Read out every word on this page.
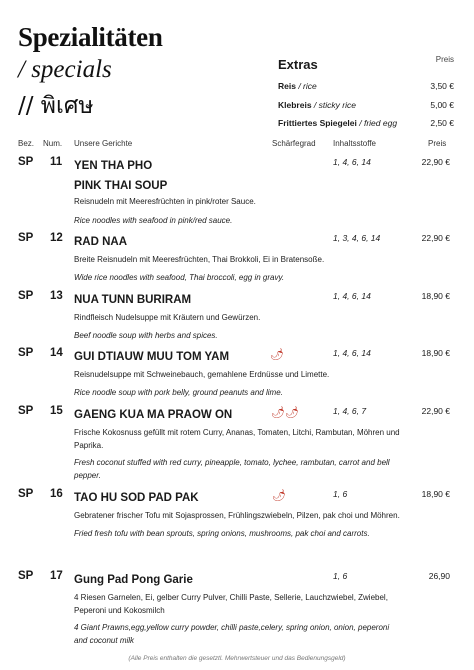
Spezialitäten
/ specials
// พิเศษ
Extras	Preis
Reis / rice	3,50 €
Klebreis / sticky rice	5,00 €
Frittiertes Spiegelei / fried egg	2,50 €
Bez. Num. Unsere Gerichte	Schärfegrad Inhaltsstoffe	Preis
SP 11 YEN THA PHO
PINK THAI SOUP
1, 4, 6, 14	22,90 €
Reisnudeln mit Meeresfrüchten in pink/roter Sauce.
Rice noodles with seafood in pink/red sauce.
SP 12 RAD NAA	1, 3, 4, 6, 14	22,90 €
Breite Reisnudeln mit Meeresfrüchten, Thai Brokkoli, Ei in Bratensoße.
Wide rice noodles with seafood, Thai broccoli, egg in gravy.
SP 13 NUA TUNN BURIRAM	1, 4, 6, 14	18,90 €
Rindfleisch Nudelsuppe mit Kräutern und Gewürzen.
Beef noodle soup with herbs and spices.
SP 14 GUI DTIAUW MUU TOM YAM	🌶	1, 4, 6, 14	18,90 €
Reisnudelsuppe mit Schweinebauch, gemahlene Erdnüsse und Limette.
Rice noodle soup with pork belly, ground peanuts and lime.
SP 15 GAENG KUA MA PRAOW ON	🌶🌶	1, 4, 6, 7	22,90 €
Frische Kokosnuss gefüllt mit rotem Curry, Ananas, Tomaten, Litchi, Rambutan, Möhren und Paprika.
Fresh coconut stuffed with red curry, pineapple, tomato, lychee, rambutan, carrot and bell pepper.
SP 16 TAO HU SOD PAD PAK	🌶	1, 6	18,90 €
Gebratener frischer Tofu mit Sojasprossen, Frühlingszwiebeln, Pilzen, pak choi und Möhren.
Fried fresh tofu with bean sprouts, spring onions, mushrooms, pak choi and carrots.
SP 17 Gung Pad Pong Garie	1, 6	26,90
4 Riesen Garnelen, Ei, gelber Curry Pulver, Chilli Paste, Sellerie, Lauchzwiebel, Zwiebel, Peperoni und Kokosmilch
4 Giant Prawns,egg,yellow curry powder, chilli paste,celery, spring onion, onion, peperoni and coconut milk
(Alle Preis enthalten die gesetztl. Mehrwertsteuer und das Bedienungsgeld)
